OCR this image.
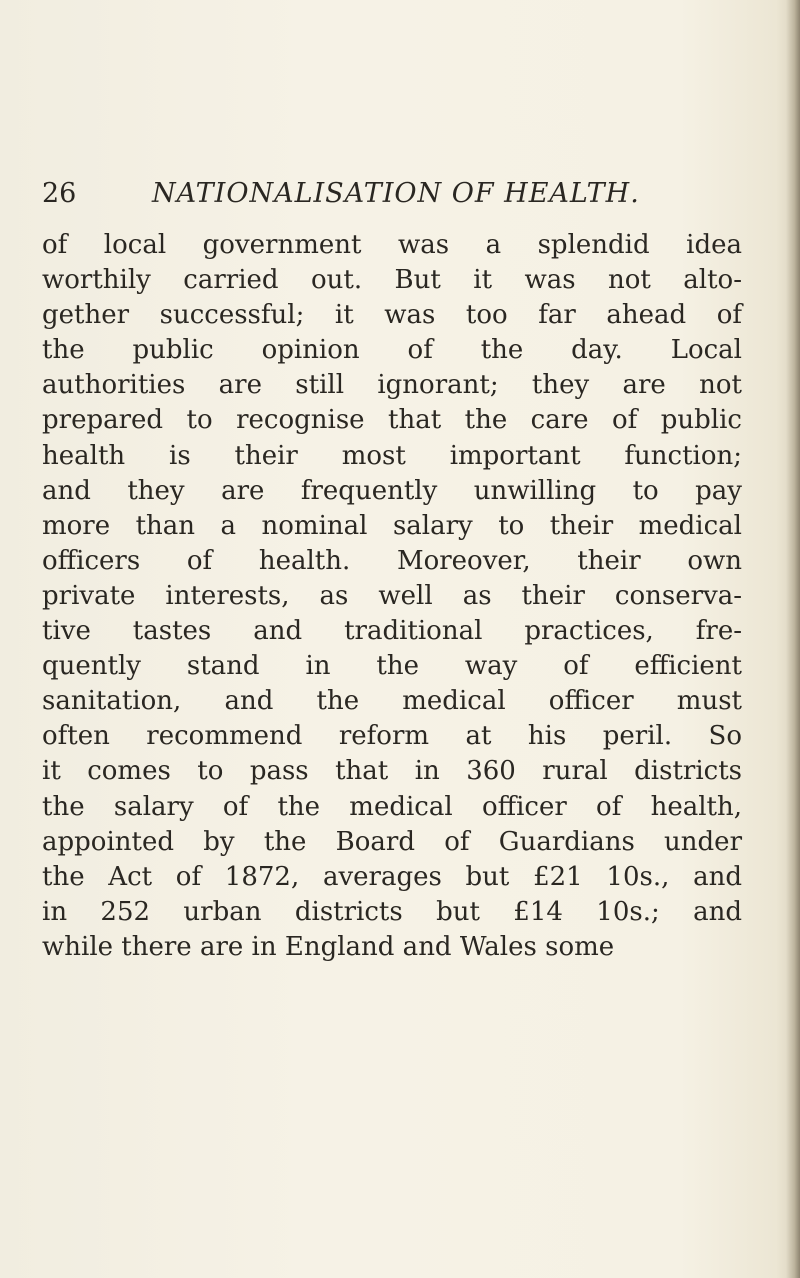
26	NATIONALISATION OF HEALTH.
of local government was a splendid idea
worthily carried out. But it was not alto-
gether successful; it was too far ahead of
the public opinion of the day. Local
authorities are still ignorant; they are not
prepared to recognise that the care of public
health is their most important function;
and they are frequently unwilling to pay
more than a nominal salary to their medical
officers of health. Moreover, their own
private interests, as well as their conserva-
tive tastes and traditional practices, fre-
quently stand in the way of efficient
sanitation, and the medical officer must
often recommend reform at his peril. So
it comes to pass that in 360 rural districts
the salary of the medical officer of health,
appointed by the Board of Guardians under
the Act of 1872, averages but £21 10s., and
in 252 urban districts but £14 10s.; and
while there are in England and Wales some
